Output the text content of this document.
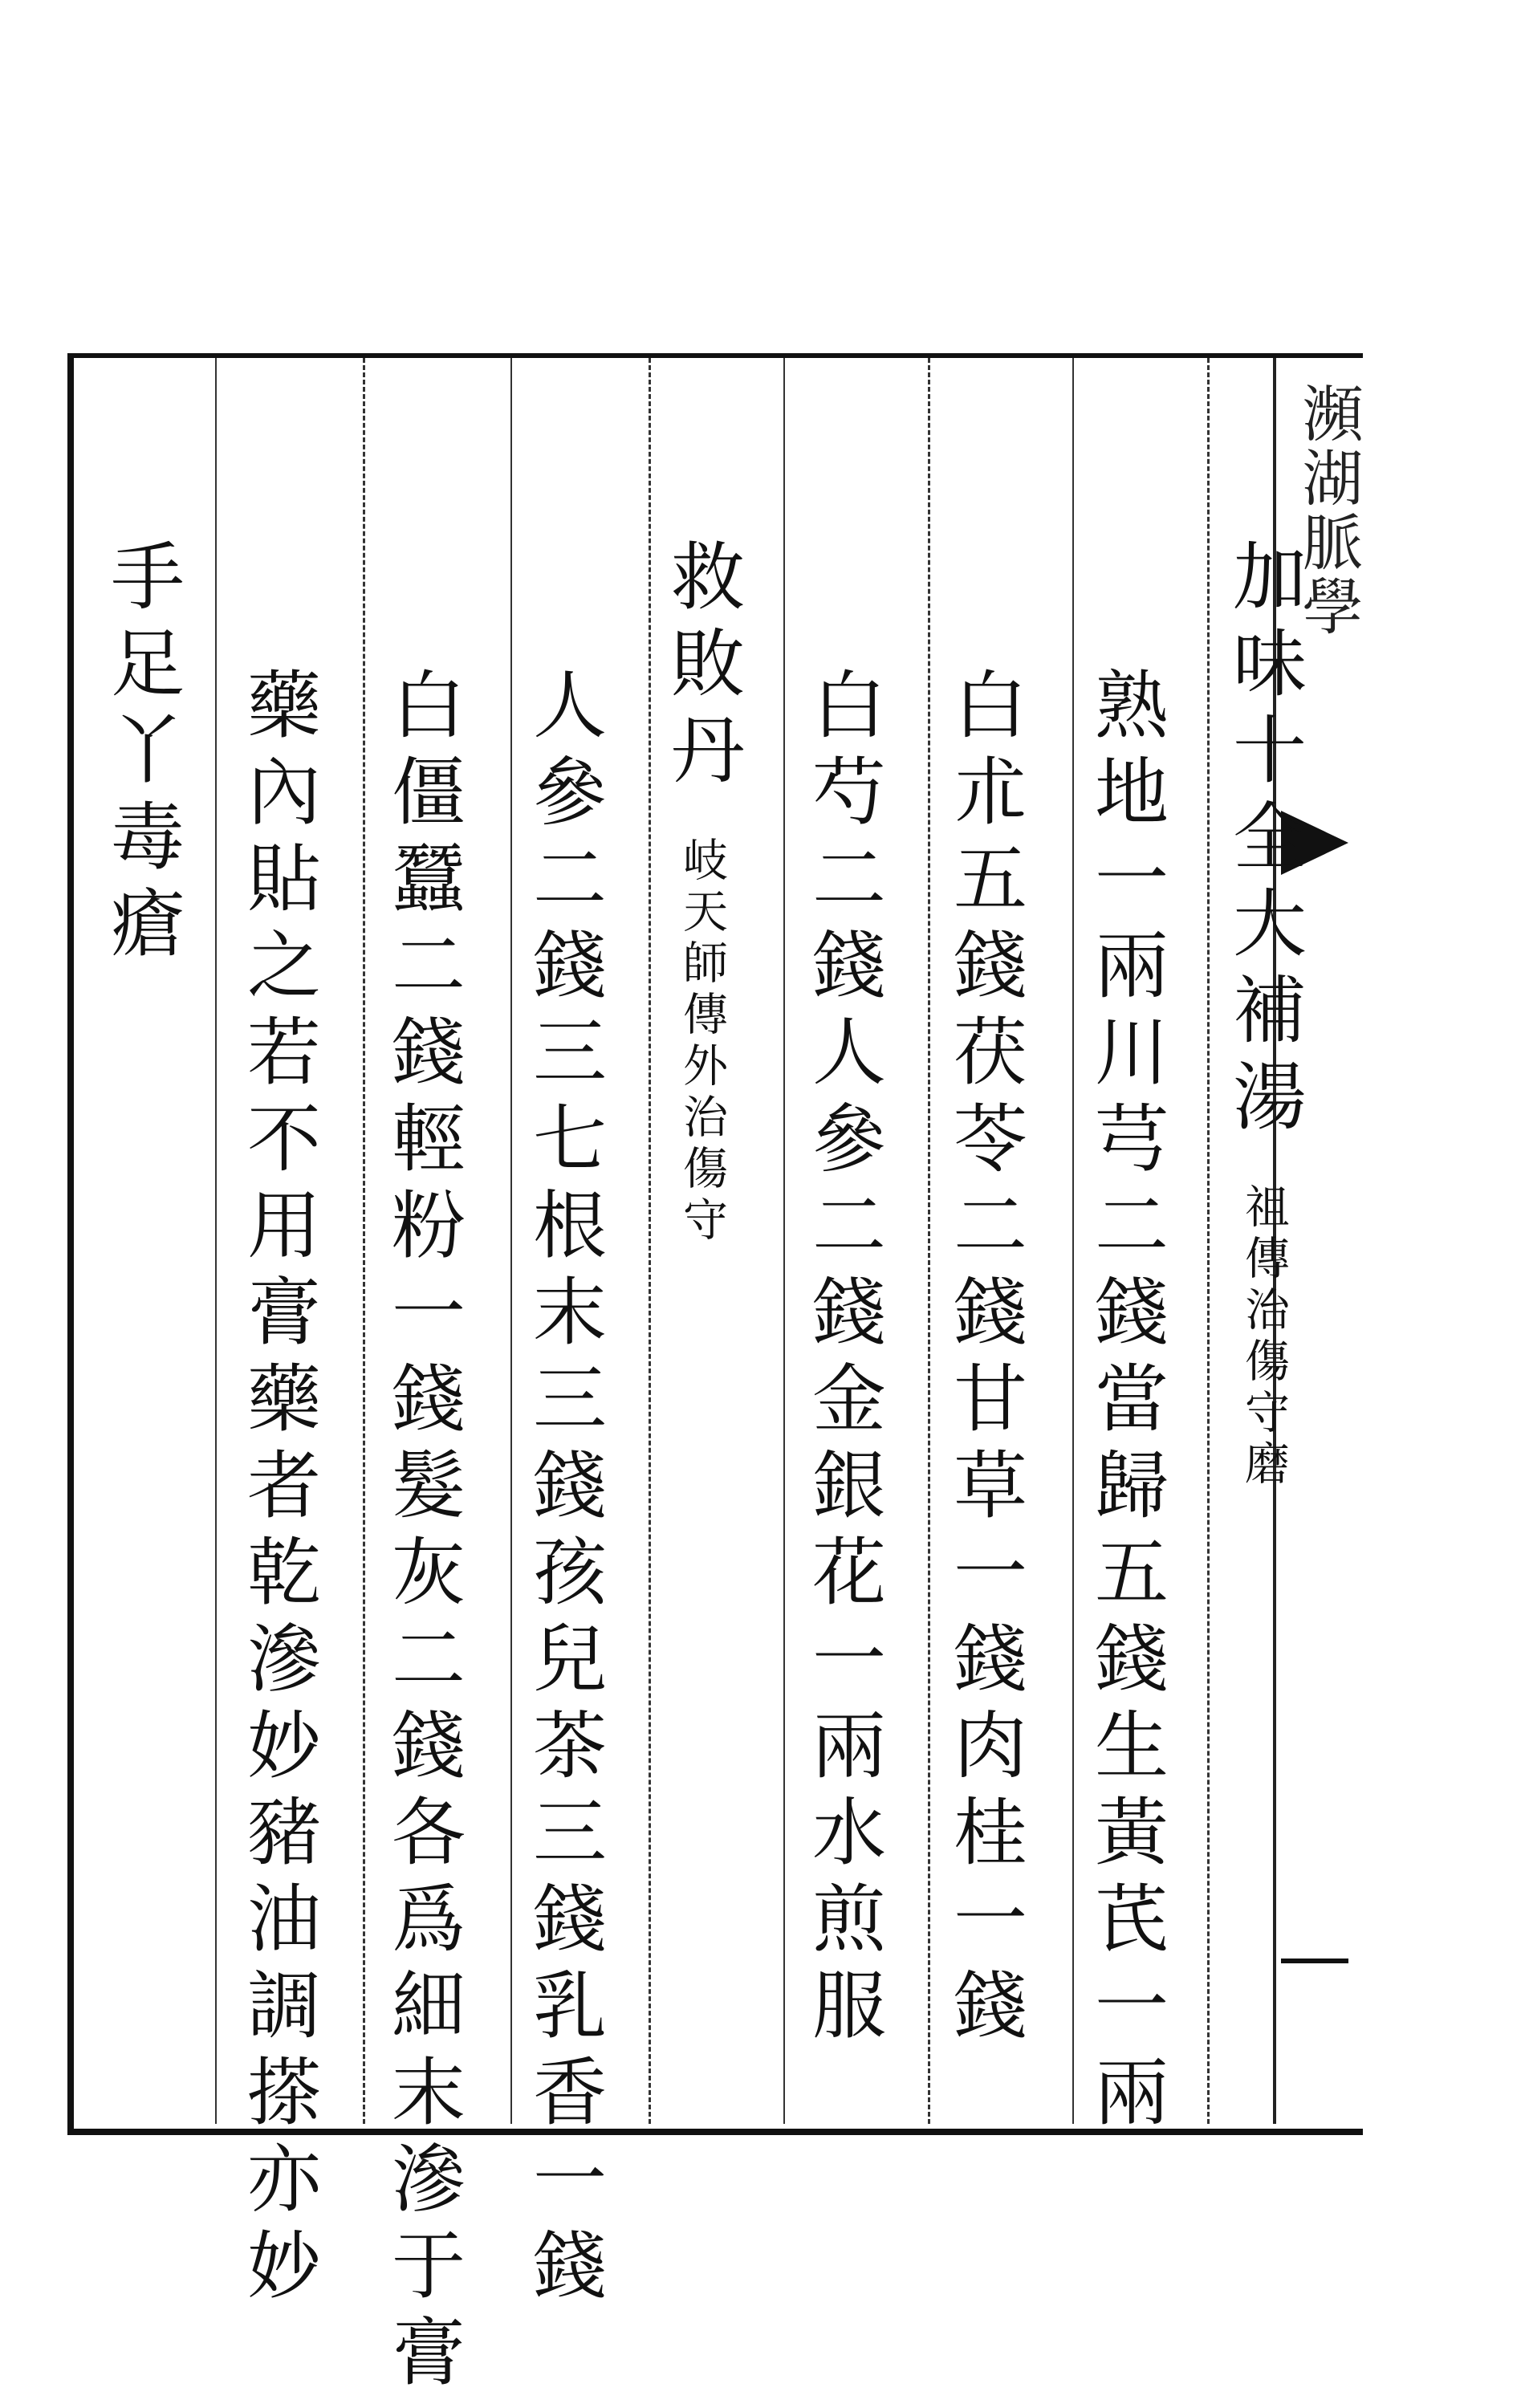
瀕湖脈學
加味十全大補湯祖傳治傷守磨
熟地一兩川芎二錢當歸五錢生黃芪一兩
白朮五錢茯苓二錢甘草一錢肉桂一錢
白芍二錢人參二錢金銀花一兩水煎服
救敗丹岐天師傳外治傷守
人參二錢三七根末三錢孩兒茶三錢乳香一錢
白僵蠶二錢輕粉一錢髮灰二錢各爲細末滲于膏
藥內貼之若不用膏藥者乾滲妙豬油調搽亦妙
手足丫毒瘡
